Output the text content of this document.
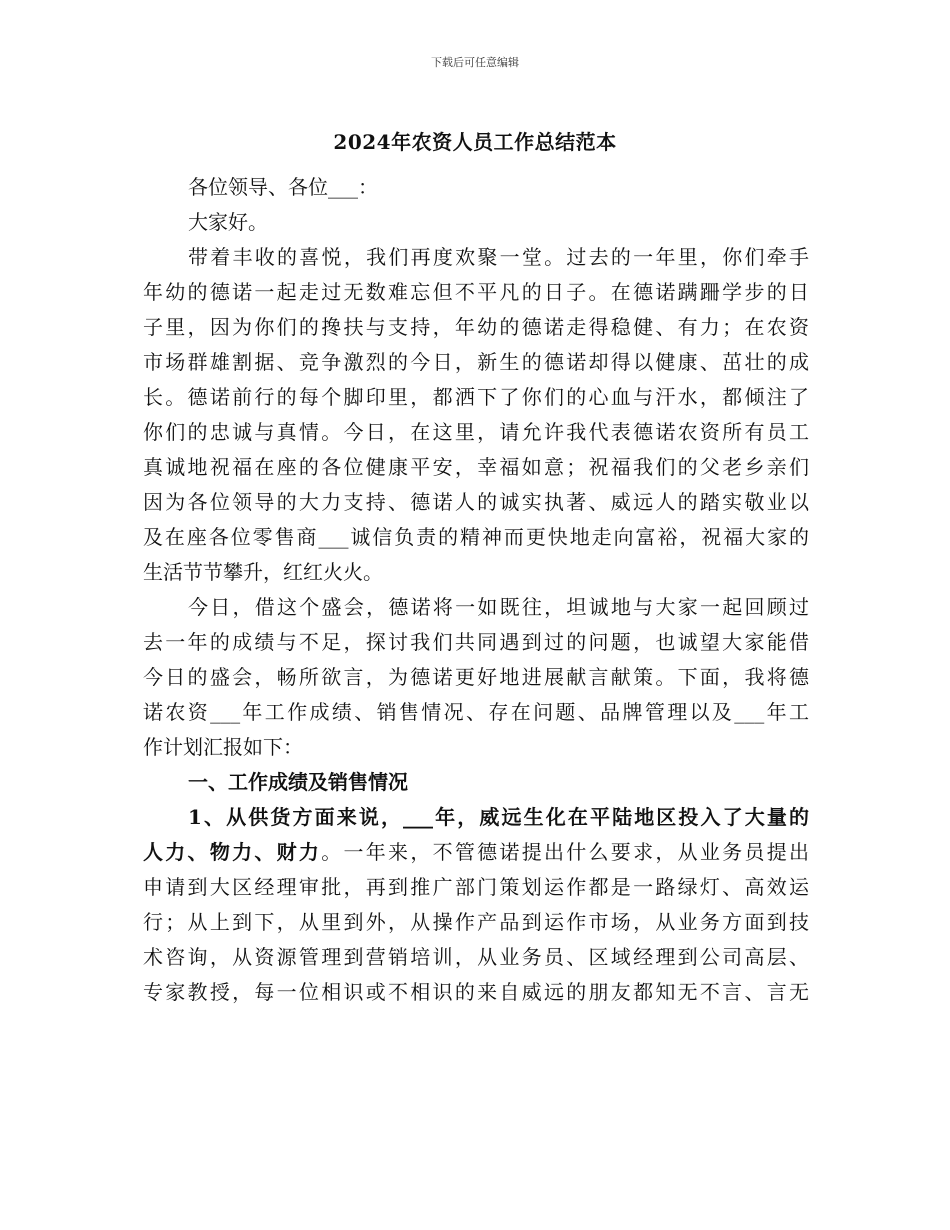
下载后可任意编辑
2024年农资人员工作总结范本
各位领导、各位___：
大家好。
带着丰收的喜悦，我们再度欢聚一堂。过去的一年里，你们牵手
年幼的德诺一起走过无数难忘但不平凡的日子。在德诺蹒跚学步的日
子里，因为你们的搀扶与支持，年幼的德诺走得稳健、有力；在农资
市场群雄割据、竞争激烈的今日，新生的德诺却得以健康、茁壮的成
长。德诺前行的每个脚印里，都洒下了你们的心血与汗水，都倾注了
你们的忠诚与真情。今日，在这里，请允许我代表德诺农资所有员工
真诚地祝福在座的各位健康平安，幸福如意；祝福我们的父老乡亲们
因为各位领导的大力支持、德诺人的诚实执著、威远人的踏实敬业以
及在座各位零售商___诚信负责的精神而更快地走向富裕，祝福大家的
生活节节攀升，红红火火。
今日，借这个盛会，德诺将一如既往，坦诚地与大家一起回顾过
去一年的成绩与不足，探讨我们共同遇到过的问题，也诚望大家能借
今日的盛会，畅所欲言，为德诺更好地进展献言献策。下面，我将德
诺农资___年工作成绩、销售情况、存在问题、品牌管理以及___年工
作计划汇报如下：
一、工作成绩及销售情况
1、从供货方面来说，___年，威远生化在平陆地区投入了大量的
人力、物力、财力。一年来，不管德诺提出什么要求，从业务员提出
申请到大区经理审批，再到推广部门策划运作都是一路绿灯、高效运
行；从上到下，从里到外，从操作产品到运作市场，从业务方面到技
术咨询，从资源管理到营销培训，从业务员、区域经理到公司高层、
专家教授，每一位相识或不相识的来自威远的朋友都知无不言、言无
